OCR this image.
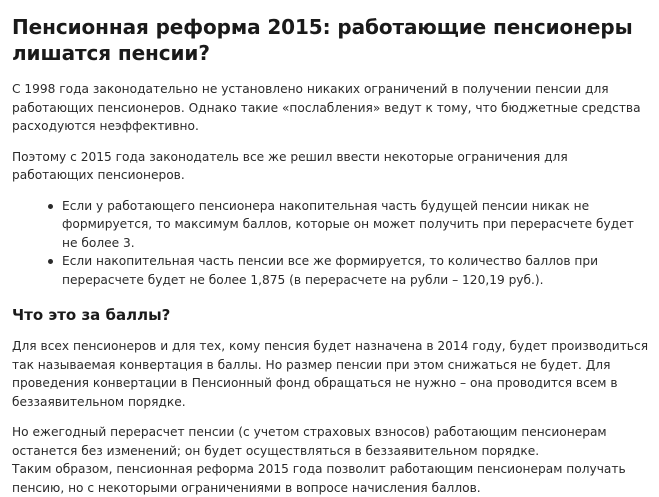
Пенсионная реформа 2015: работающие пенсионеры лишатся пенсии?

С 1998 года законодательно не установлено никаких ограничений в получении пенсии для работающих пенсионеров. Однако такие «послабления» ведут к тому, что бюджетные средства расходуются неэффективно.

Поэтому с 2015 года законодатель все же решил ввести некоторые ограничения для работающих пенсионеров.

Если у работающего пенсионера накопительная часть будущей пенсии никак не формируется, то максимум баллов, которые он может получить при перерасчете будет не более 3.
Если накопительная часть пенсии все же формируется, то количество баллов при перерасчете будет не более 1,875 (в перерасчете на рубли – 120,19 руб.).
Что это за баллы?

Для всех пенсионеров и для тех, кому пенсия будет назначена в 2014 году, будет производиться так называемая конвертация в баллы. Но размер пенсии при этом снижаться не будет. Для проведения конвертации в Пенсионный фонд обращаться не нужно – она проводится всем в беззаявительном порядке.

Но ежегодный перерасчет пенсии (с учетом страховых взносов) работающим пенсионерам останется без изменений; он будет осуществляться в беззаявительном порядке.
Таким образом, пенсионная реформа 2015 года позволит работающим пенсионерам получать пенсию, но с некоторыми ограничениями в вопросе начисления баллов.
